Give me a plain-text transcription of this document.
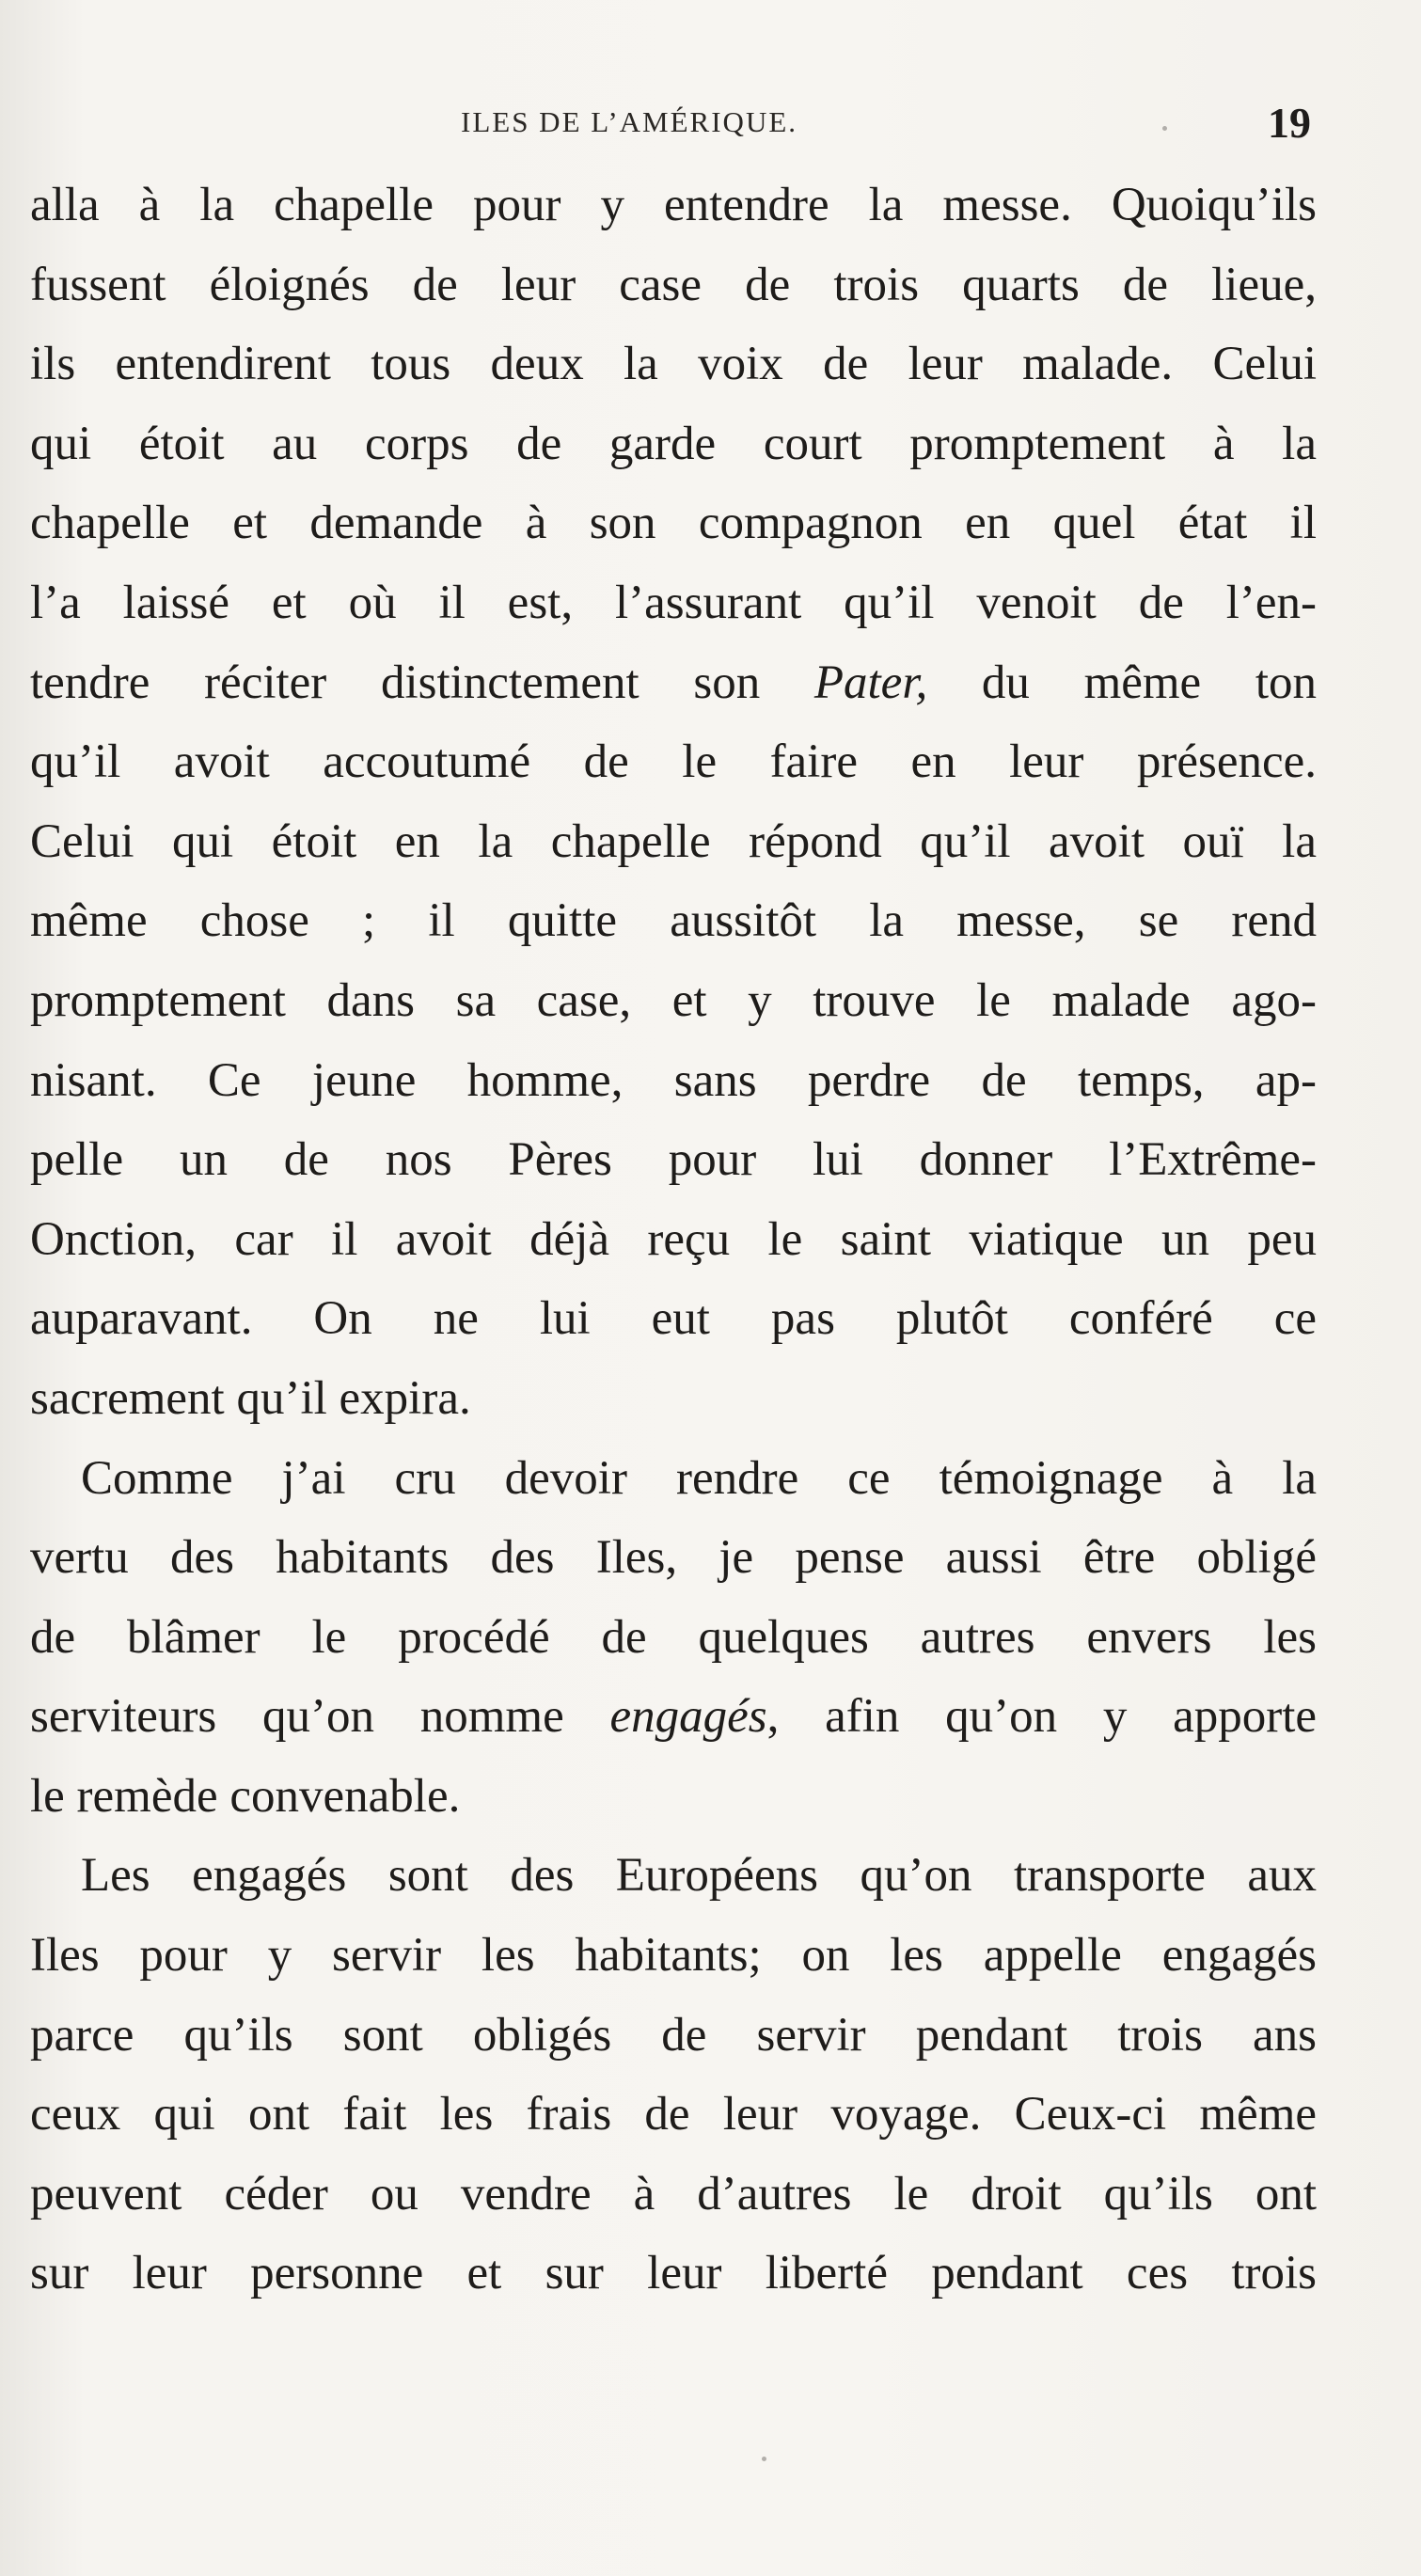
ILES DE L’AMÉRIQUE.	19
alla à la chapelle pour y entendre la messe. Quoiqu’ils
fussent éloignés de leur case de trois quarts de lieue,
ils entendirent tous deux la voix de leur malade. Celui
qui étoit au corps de garde court promptement à la
chapelle et demande à son compagnon en quel état il
l’a laissé et où il est, l’assurant qu’il venoit de l’en-
tendre réciter distinctement son Pater, du même ton
qu’il avoit accoutumé de le faire en leur présence.
Celui qui étoit en la chapelle répond qu’il avoit ouï la
même chose ; il quitte aussitôt la messe, se rend
promptement dans sa case, et y trouve le malade ago-
nisant. Ce jeune homme, sans perdre de temps, ap-
pelle un de nos Pères pour lui donner l’Extrême-
Onction, car il avoit déjà reçu le saint viatique un peu
auparavant. On ne lui eut pas plutôt conféré ce
sacrement qu’il expira.
Comme j’ai cru devoir rendre ce témoignage à la
vertu des habitants des Iles, je pense aussi être obligé
de blâmer le procédé de quelques autres envers les
serviteurs qu’on nomme engagés, afin qu’on y apporte
le remède convenable.
Les engagés sont des Européens qu’on transporte aux
Iles pour y servir les habitants; on les appelle engagés
parce qu’ils sont obligés de servir pendant trois ans
ceux qui ont fait les frais de leur voyage. Ceux-ci même
peuvent céder ou vendre à d’autres le droit qu’ils ont
sur leur personne et sur leur liberté pendant ces trois
